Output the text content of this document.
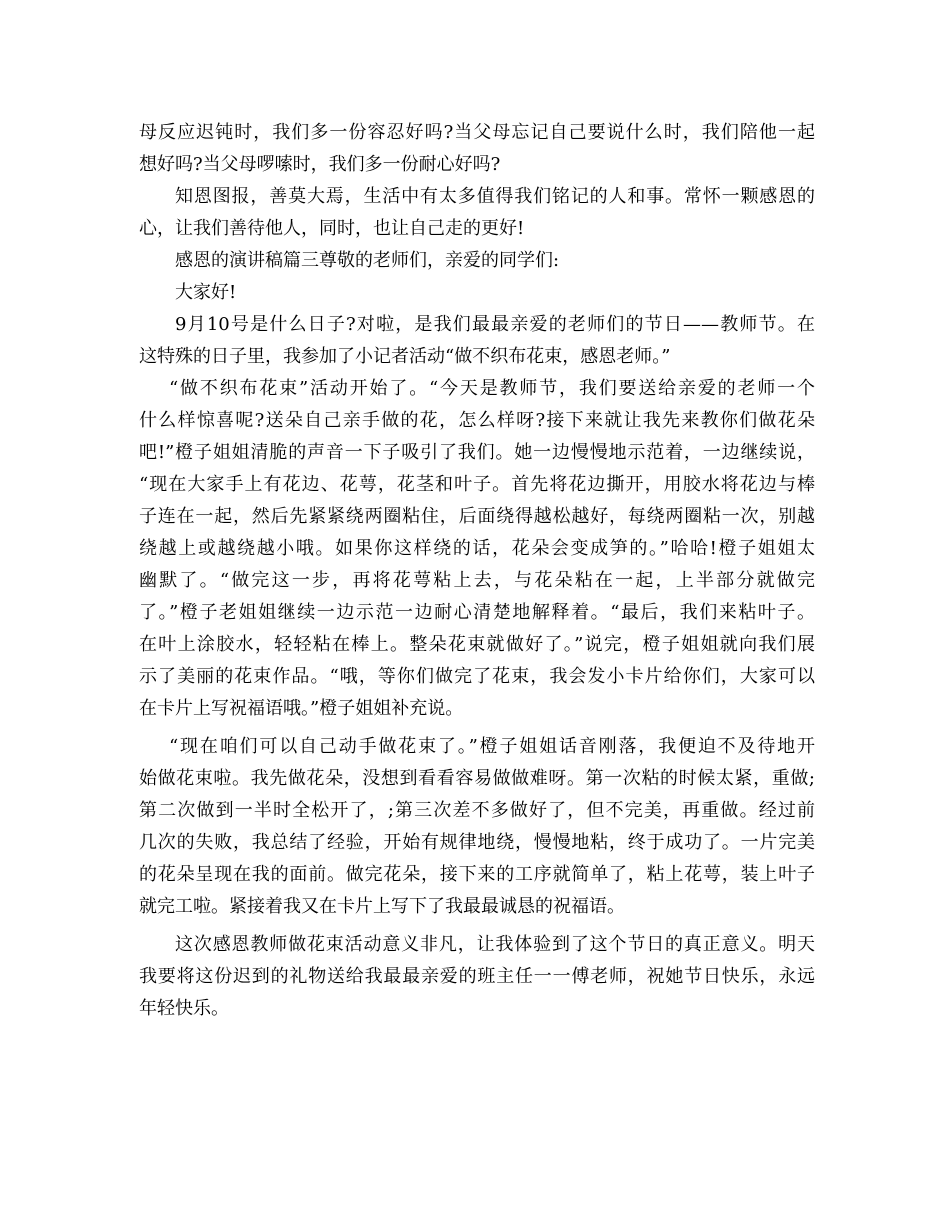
母反应迟钝时，我们多一份容忍好吗?当父母忘记自己要说什么时，我们陪他一起
想好吗?当父母啰嗦时，我们多一份耐心好吗?
知恩图报，善莫大焉，生活中有太多值得我们铭记的人和事。常怀一颗感恩的
心，让我们善待他人，同时，也让自己走的更好!
感恩的演讲稿篇三尊敬的老师们，亲爱的同学们:
大家好!
9月10号是什么日子?对啦，是我们最最亲爱的老师们的节日——教师节。在
这特殊的日子里，我参加了小记者活动“做不织布花束，感恩老师。”
“做不织布花束”活动开始了。“今天是教师节，我们要送给亲爱的老师一个
什么样惊喜呢?送朵自己亲手做的花，怎么样呀?接下来就让我先来教你们做花朵
吧!”橙子姐姐清脆的声音一下子吸引了我们。她一边慢慢地示范着，一边继续说，
“现在大家手上有花边、花萼，花茎和叶子。首先将花边撕开，用胶水将花边与棒
子连在一起，然后先紧紧绕两圈粘住，后面绕得越松越好，每绕两圈粘一次，别越
绕越上或越绕越小哦。如果你这样绕的话，花朵会变成笋的。”哈哈!橙子姐姐太
幽默了。“做完这一步，再将花萼粘上去，与花朵粘在一起，上半部分就做完
了。”橙子老姐姐继续一边示范一边耐心清楚地解释着。“最后，我们来粘叶子。
在叶上涂胶水，轻轻粘在棒上。整朵花束就做好了。”说完，橙子姐姐就向我们展
示了美丽的花束作品。“哦，等你们做完了花束，我会发小卡片给你们，大家可以
在卡片上写祝福语哦。”橙子姐姐补充说。
“现在咱们可以自己动手做花束了。”橙子姐姐话音刚落，我便迫不及待地开
始做花束啦。我先做花朵，没想到看看容易做做难呀。第一次粘的时候太紧，重做;
第二次做到一半时全松开了，;第三次差不多做好了，但不完美，再重做。经过前
几次的失败，我总结了经验，开始有规律地绕，慢慢地粘，终于成功了。一片完美
的花朵呈现在我的面前。做完花朵，接下来的工序就简单了，粘上花萼，装上叶子
就完工啦。紧接着我又在卡片上写下了我最最诚恳的祝福语。
这次感恩教师做花束活动意义非凡，让我体验到了这个节日的真正意义。明天
我要将这份迟到的礼物送给我最最亲爱的班主任一一傅老师，祝她节日快乐，永远
年轻快乐。
